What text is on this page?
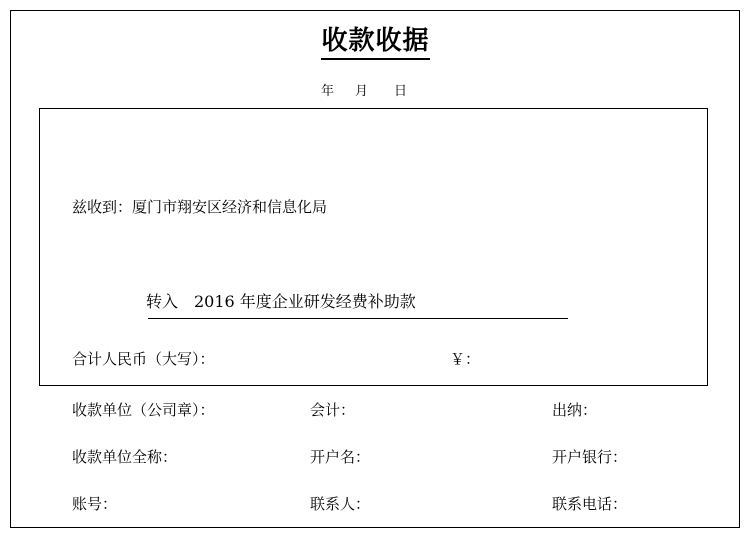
收款收据
年 月 日
兹收到：厦门市翔安区经济和信息化局
转入　2016 年度企业研发经费补助款
合计人民币（大写）：	￥：
收款单位（公司章）：	会计：	出纳：
收款单位全称：	开户名：	开户银行：
账号：	联系人：	联系电话：
